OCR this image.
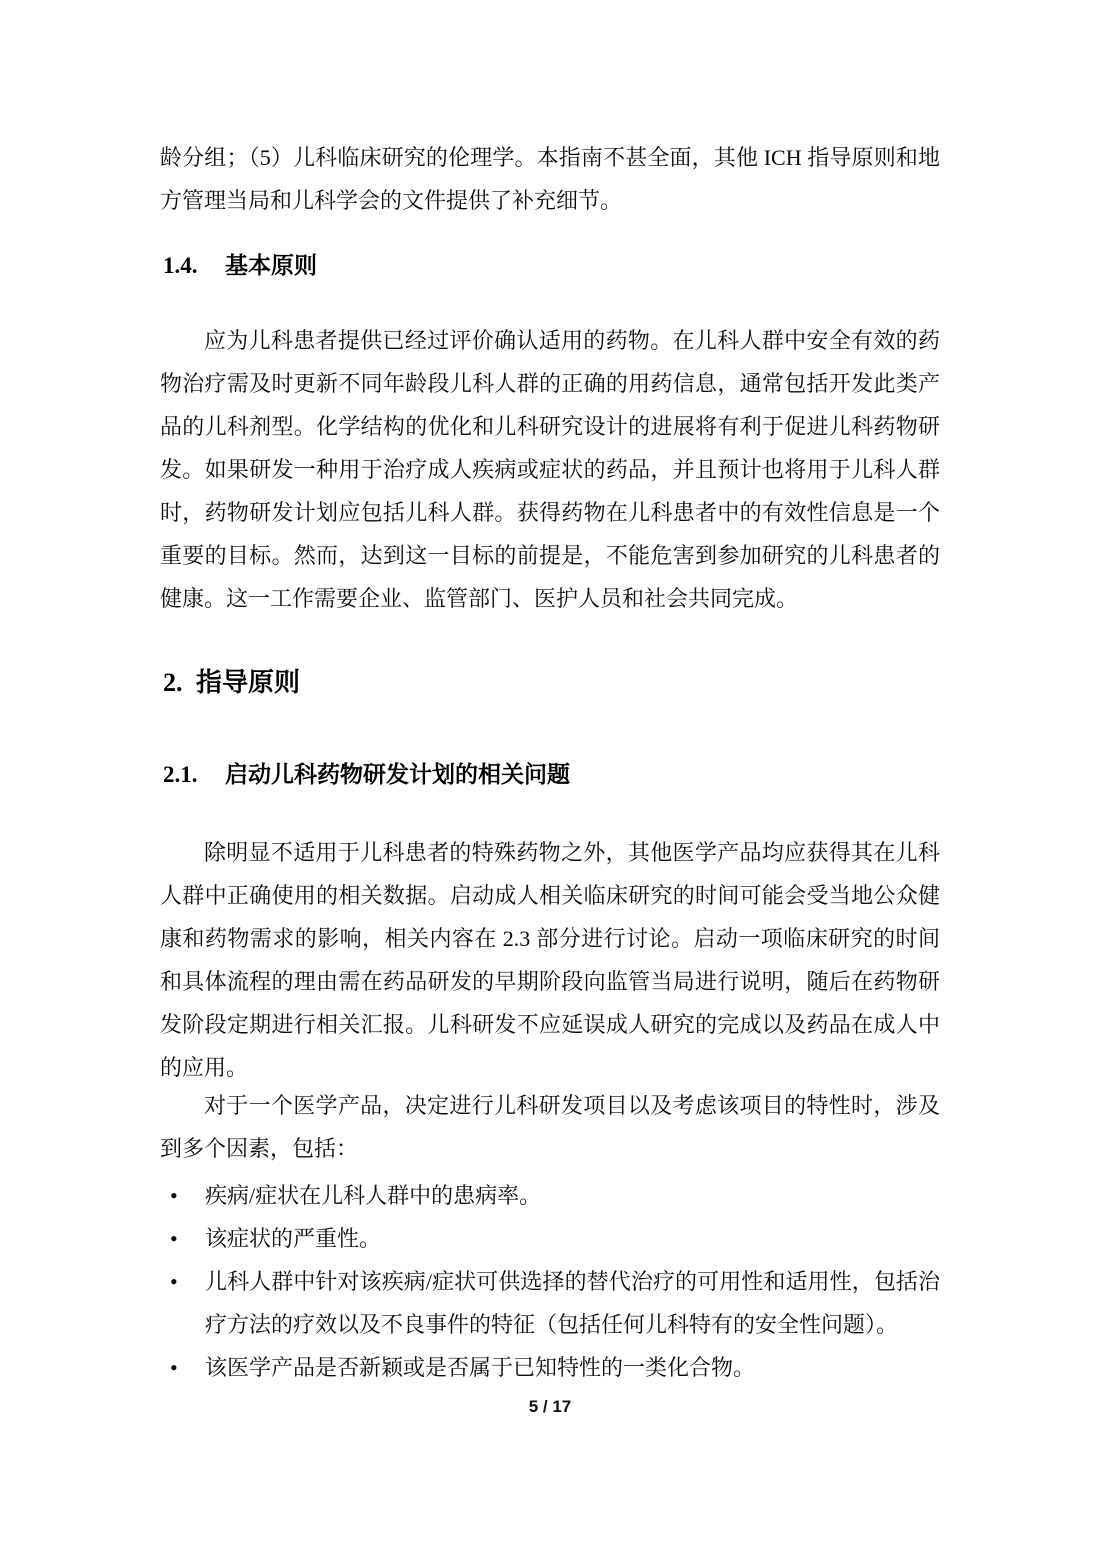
龄分组；（5）儿科临床研究的伦理学。本指南不甚全面，其他 ICH 指导原则和地方管理当局和儿科学会的文件提供了补充细节。

1.4. 基本原则

应为儿科患者提供已经过评价确认适用的药物。在儿科人群中安全有效的药物治疗需及时更新不同年龄段儿科人群的正确的用药信息，通常包括开发此类产品的儿科剂型。化学结构的优化和儿科研究设计的进展将有利于促进儿科药物研发。如果研发一种用于治疗成人疾病或症状的药品，并且预计也将用于儿科人群时，药物研发计划应包括儿科人群。获得药物在儿科患者中的有效性信息是一个重要的目标。然而，达到这一目标的前提是，不能危害到参加研究的儿科患者的健康。这一工作需要企业、监管部门、医护人员和社会共同完成。

2. 指导原则
2.1. 启动儿科药物研发计划的相关问题

除明显不适用于儿科患者的特殊药物之外，其他医学产品均应获得其在儿科人群中正确使用的相关数据。启动成人相关临床研究的时间可能会受当地公众健康和药物需求的影响，相关内容在 2.3 部分进行讨论。启动一项临床研究的时间和具体流程的理由需在药品研发的早期阶段向监管当局进行说明，随后在药物研发阶段定期进行相关汇报。儿科研发不应延误成人研究的完成以及药品在成人中的应用。

对于一个医学产品，决定进行儿科研发项目以及考虑该项目的特性时，涉及到多个因素，包括：

• 疾病/症状在儿科人群中的患病率。
• 该症状的严重性。
• 儿科人群中针对该疾病/症状可供选择的替代治疗的可用性和适用性，包括治疗方法的疗效以及不良事件的特征（包括任何儿科特有的安全性问题）。
• 该医学产品是否新颖或是否属于已知特性的一类化合物。
5 / 17
